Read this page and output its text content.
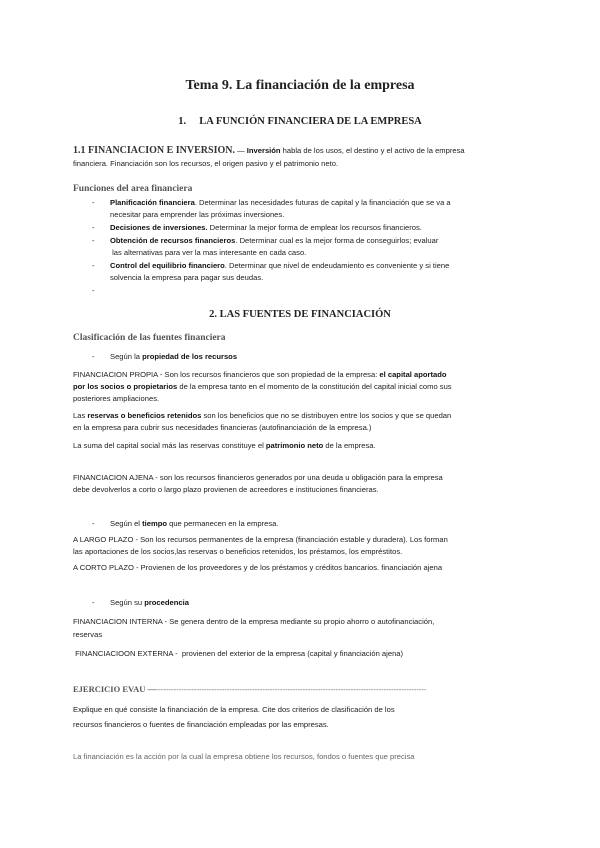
Tema 9. La financiación de la empresa
1. LA FUNCIÓN FINANCIERA DE LA EMPRESA
1.1 FINANCIACION E INVERSION. — Inversión habla de los usos, el destino y el activo de la empresa
financiera. Financiación son los recursos, el origen pasivo y el patrimonio neto.
Funciones del area financiera
- Planificación financiera. Determinar las necesidades futuras de capital y la financiación que se va a
necesitar para emprender las próximas inversiones.
- Decisiones de inversiones. Determinar la mejor forma de emplear los recursos financieros.
- Obtención de recursos financieros. Determinar cual es la mejor forma de conseguirlos; evaluar
las alternativas para ver la mas interesante en cada caso.
- Control del equilibrio financiero. Determinar que nivel de endeudamiento es conveniente y si tiene
solvencia la empresa para pagar sus deudas.
-
2. LAS FUENTES DE FINANCIACIÓN
Clasificación de las fuentes financiera
- Según la propiedad de los recursos
FINANCIACION PROPIA - Son los recursos financieros que son propiedad de la empresa: el capital aportado
por los socios o propietarios de la empresa tanto en el momento de la constitución del capital inicial como sus
posteriores ampliaciones.
Las reservas o beneficios retenidos son los beneficios que no se distribuyen entre los socios y que se quedan
en la empresa para cubrir sus necesidades financieras (autofinanciación de la empresa.)
La suma del capital social más las reservas constituye el patrimonio neto de la empresa.
FINANCIACION AJENA - son los recursos financieros generados por una deuda u obligación para la empresa
debe devolverlos a corto o largo plazo provienen de acreedores e instituciones financieras.
- Según el tiempo que permanecen en la empresa.
A LARGO PLAZO - Son los recursos permanentes de la empresa (financiación estable y duradera). Los forman
las aportaciones de los socios,las reservas o beneficios retenidos, los préstamos, los empréstitos.
A CORTO PLAZO - Provienen de los proveedores y de los préstamos y créditos bancarios. financiación ajena
- Según su procedencia
FINANCIACION INTERNA - Se genera dentro de la empresa mediante su propio ahorro o autofinanciación,
reservas
FINANCIACIOON EXTERNA -  provienen del exterior de la empresa (capital y financiación ajena)
EJERCICIO EVAU —-----------------------------------------------------------------------------------------------------------
Explique en qué consiste la financiación de la empresa. Cite dos criterios de clasificación de los
recursos financieros o fuentes de financiación empleadas por las empresas.
La financiación es la acción por la cual la empresa obtiene los recursos, fondos o fuentes que precisa
